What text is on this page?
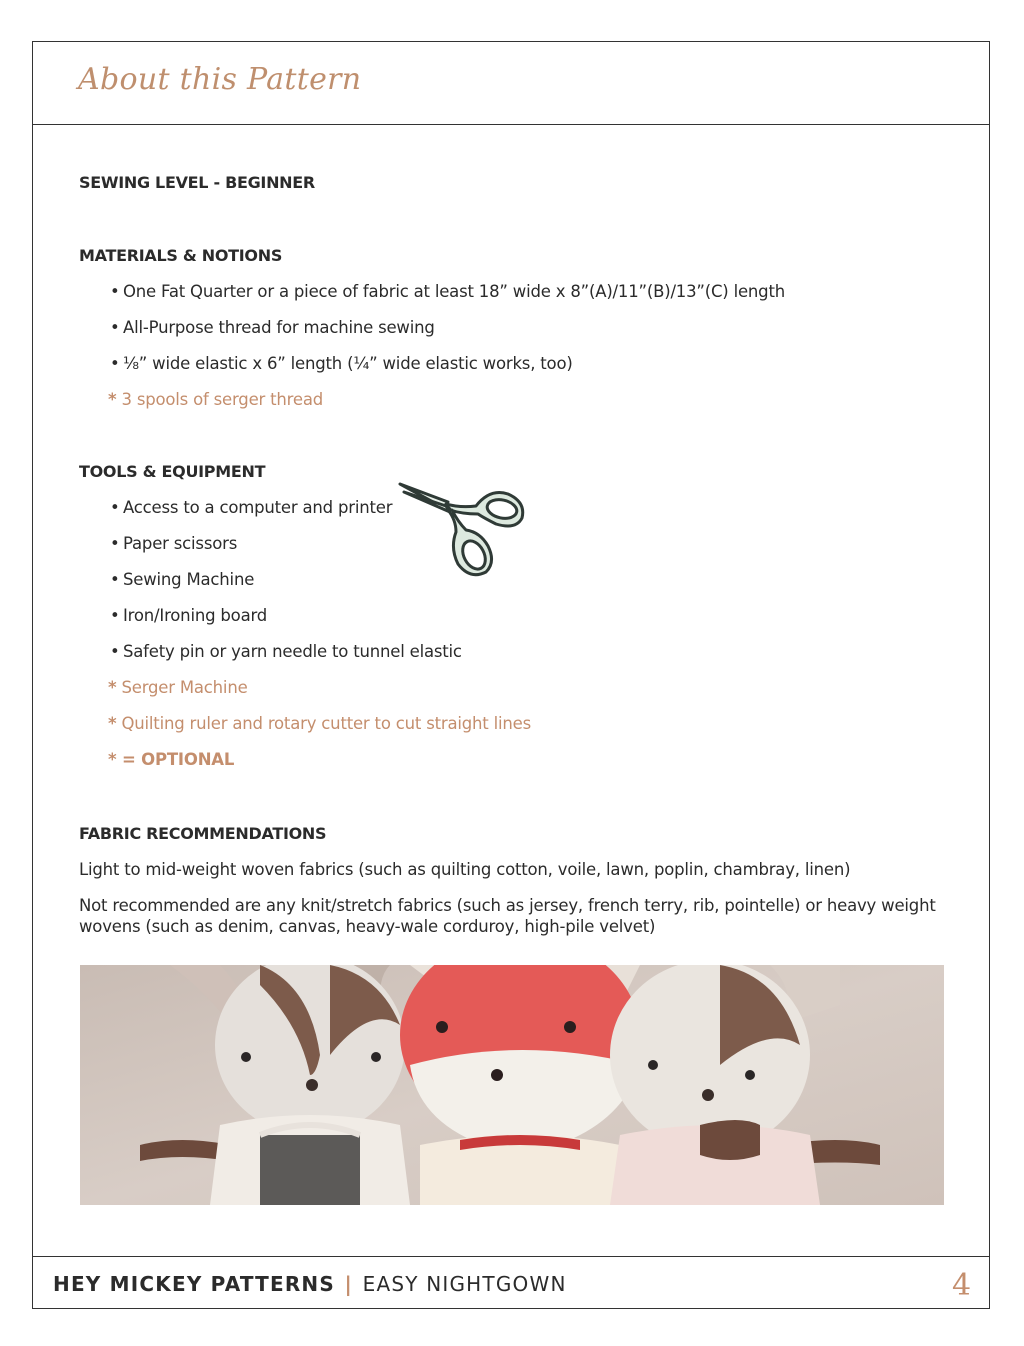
About this Pattern
SEWING LEVEL - BEGINNER
MATERIALS & NOTIONS
• One Fat Quarter or a piece of fabric at least 18” wide x 8”(A)/11”(B)/13”(C) length
• All-Purpose thread for machine sewing
• ⅛” wide elastic x 6” length (¼” wide elastic works, too)
* 3 spools of serger thread
TOOLS & EQUIPMENT
• Access to a computer and printer
• Paper scissors
• Sewing Machine
• Iron/Ironing board
• Safety pin or yarn needle to tunnel elastic
* Serger Machine
* Quilting ruler and rotary cutter to cut straight lines
* = OPTIONAL
FABRIC RECOMMENDATIONS
Light to mid-weight woven fabrics (such as quilting cotton, voile, lawn, poplin, chambray, linen)
Not recommended are any knit/stretch fabrics (such as jersey, french terry, rib, pointelle) or heavy weight wovens (such as denim, canvas, heavy-wale corduroy, high-pile velvet)
HEY MICKEY PATTERNS | EASY NIGHTGOWN	4
